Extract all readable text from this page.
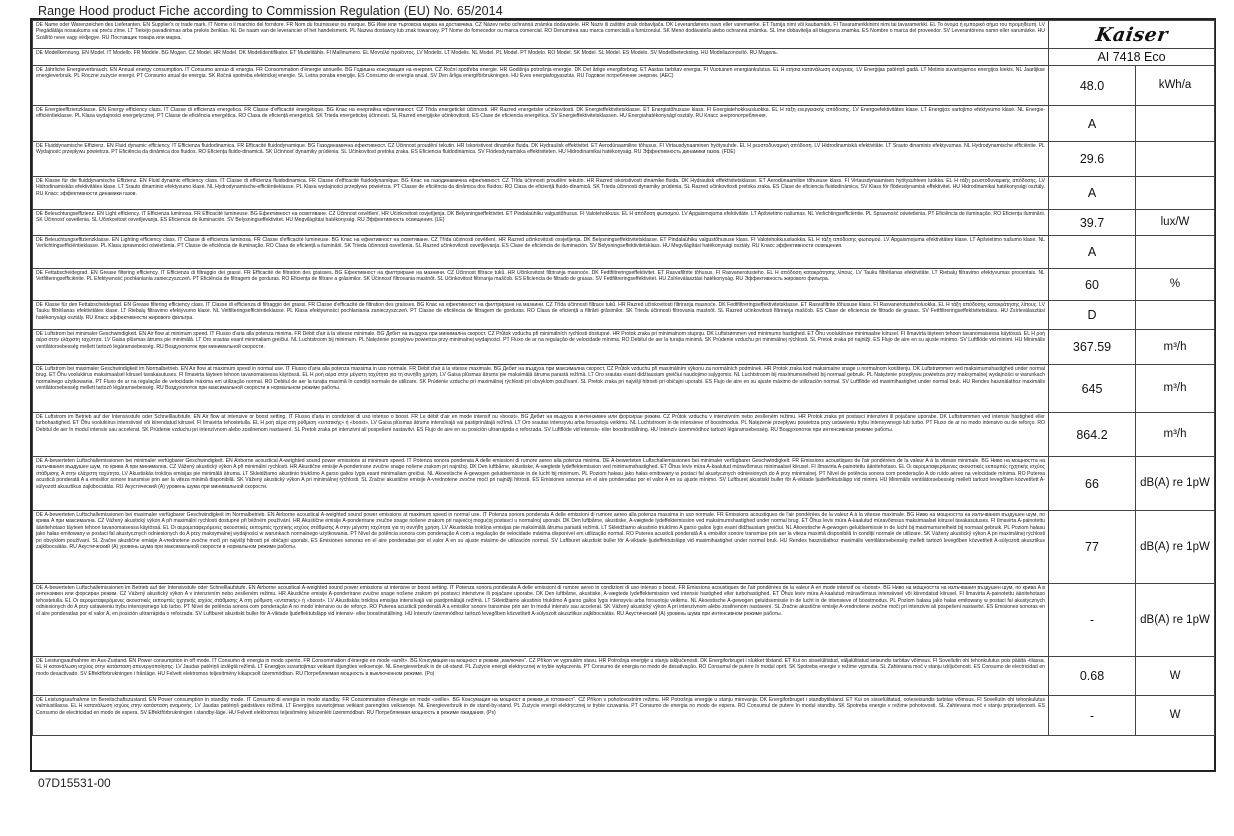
Range Hood product Fiche according to Commission Regulation (EU) No. 65/2014
DE Name oder Warenzeichen des Lieferanten. EN Supplier's or trade mark. IT Nome o il marchio del fornitore. FR Nom du fournisseur ou marque. BG Име или търговска марка на доставчика. CZ Název nebo ochranná známka dodavatele. HR Naziv ili zaštitni znak dobavljača. DK Leverandørens navn eller varemærke. ET Tarnija nimi või kaubamärk. FI Tavaramerkkinimi nimi tai tavaramerkki. EL Το όνομα ή εμπορικό σήμα του προμηθευτή. LV Piegādātāja nosaukums vai preču zīme. LT Tiekėjo pavadinimas arba prekės ženklas. NL De naam van de leverancier of het handelsmerk. PL Nazwa dostawcy lub znak towarowy. PT Nome do fornecedor ou marca comercial. RO Denumirea sau marca comercială a furnizorului. SK Meno dodávateľa alebo ochranná známka. SL Ime dobavitelja ali blagovna znamka. ES Nombre o marca del proveedor. SV Leverantörens namn eller varumärke. HU Szállító neve vagy védjegye. RU Поставщик товара или марка.	Kaiser	
DE Modellkennung. EN Model. IT Modello. FR Modèle. BG Модел. CZ Model. HR Model. DK Modelidentifikator. ET Mudelitähis. FI Mallinumero. EL Μοντέλο προϊόντος. LV Modelis. LT Modelis. NL Model. PL Model. PT Modelo. RO Model. SK Model. SL Model. ES Modelo. SV Modellbeteckning. HU Modellazonosító. RU Модель.	AI 7418 Eco	
DE Jährliche Energieverbrauch. EN Annual energy consumption. IT Consumo annuo di energia. FR Consommation d'énergie annuelle. BG Годишна консумация на енергия. CZ Roční spotřeba energie. HR Godišnja potrošnja energije. DK Det årlige energiforbrug. ET Aastas tarbitav energia. FI Vuotuinen energiankulutus. EL Η ετήσια κατανάλωση ενέργειας. LV Enerģijas patēriņš gadā. LT Metinis suvartojamos energijos kiekis. NL Jaarlijkse energieverbruik. PL Roczne zużycie energii. PT Consumo anual de energia. SK Ročná spotreba elektrickej energie. SL Letna poraba energije. ES Consumo de energía anual. SV Den årliga energiförbrukningen. HU Éves energiafogyasztás. RU Годовое потребление энергии. (AEC)	48.0	kWh/a
DE Energieeffizienzklasse. EN Energy efficiency class. IT Classe di efficienza energetica. FR Classe d'efficacité énergétique. BG Клас на енергийна ефективност. CZ Třída energetické účinnosti. HR Razred energetske učinkovitosti. DK Energieffektivitetsklasse. ET Energiatõhususe klass. FI Energiatehokkuusluokka. EL Η τάξη ενεργειακής απόδοσης. LV Energoefektivitātes klase. LT Energijos vartojimo efektyvumo klasė. NL Energie-efficiëntieklasse. PL Klasa wydajności energetycznej. PT Classe de eficiência energética. RO Clasa de eficiență energetică. SK Trieda energetickej účinnosti. SL Razred energijske učinkovitosti. ES Clase de eficiencia energética. SV Energieffektivitetsklassen. HU Energiahatékonysági osztály. RU Класс энергопотребления.	A	
DE Fluiddynamische Effizienz. EN Fluid dynamic efficiency. IT Efficienza fluidodinamica. FR Efficacité fluidodynamique. BG Газодинамична ефективност. CZ Účinnost proudění tekutin. HR Iskoristivost dinamike fluida. DK Hydraulisk effektivitet. ET Aerodünaamiline tõhusus. FI Virtausdynaaminen hyötysuhde. EL Η ρευστοδυναμική απόδοση. LV Hidrodinamiskā efektivitāte. LT Srauto dinaminis efektyvumas. NL Hydrodynamische efficiëntie. PL Wydajność przepływu powietrza. PT Eficiência da dinâmica dos fluidos. RO Eficiența fluido-dinamică. SK Účinnosť dynamiky prúdenia. SL Učinkovitost pretoka zraka. ES Eficiencia fluidodinámica. SV Flödesdynamiska effektiviteten. HU Hidrodinamikai hatékonyság. RU Эффективность динамики газов. (FDE)	29.6	
DE Klasse für die fluiddynamische Effizienz. EN Fluid dynamic efficiency class. IT Classe di efficienza fluidodinamica. FR Classe d'efficacité fluidodynamique. BG Клас на газодинамична ефективност. CZ Třída účinnosti proudění tekutin. HR Razred iskoristivosti dinamike fluida. DK Hydraulisk effektivitetsklasse. ET Aerodünaamilise tõhususe klass. FI Virtausdynaamisen hyötysuhteen luokka. EL Η τάξη ρευστοδυναμικής απόδοσης. LV Hidrodinamiskās efektivitātes klase. LT Srauto dinaminio efektyvumo klasė. NL Hydrodynamische-efficiëntieklasse. PL Klasa wydajności przepływu powietrza. PT Classe de eficiência da dinâmica dos fluidos. RO Clasa de eficiență fluido-dinamică. SK Trieda účinnosti dynamiky prúdenia. SL Razred učinkovitosti pretoka zraka. ES Clase de eficiencia fluidodinámica. SV Klass för flödesdynamisk effektivitet. HU Hidrodinamikai hatékonysági osztály. RU Класс эффективности динамики газов.	A	
DE Beleuchtungseffizienz. EN Light efficiency. IT Efficienza luminosa. FR Efficacité lumineuse. BG Ефективност на осветяване. CZ Účinnost osvětlení. HR Učinkovitost osvjetljenja. DK Belysningseffektivitet. ET Pindalaühiku valgustõhusus. FI Valotehokkuus. EL Η απόδοση φωτισμού. LV Apgaismojuma efektivitāte. LT Apšvietimo našumas. NL Verlichtingsefficiëntie. PL Sprawność oświetlenia. PT Eficiência de iluminação. RO Eficiența iluminării. SK Účinnosť osvetlenia. SL Učinkovitost osvetljevanja. ES Eficiencia de iluminación. SV Belysningseffektivitet. HU Megvilágítási hatékonyság. RU Эффективность освещения. (LE)	39.7	lux/W
DE Beleuchtungseffizienzklasse. EN Lighting efficiency class. IT Classe di efficienza luminosa. FR Classe d'efficacité lumineuse. BG Клас на ефективност на осветяване. CZ Třída účinnosti osvětlení. HR Razred učinkovitosti osvjetljenja. DK Belysningseffektivitetsklasse. ET Pindalaühiku valgustõhususe klass. FI Valotehokkuusluokka. EL Η τάξη απόδοσης φωτισμού. LV Apgaismojuma efektivitātes klase. LT Apšvietimo našumo klasė. NL Verlichtingsefficiëntieklasse. PL Klasa sprawności oświetlenia. PT Classe de eficiência de iluminação. RO Clasa de eficiență a iluminării. SK Trieda účinnosti osvetlenia. SL Razred učinkovitosti osvetljevanja. ES Clase de eficiencia de iluminación. SV Belysningseffektivitetsklass. HU Megvilágítási hatékonysági osztály. RU Класс эффективности освещения.	A	
DE Fettabscheidegrad. EN Grease filtering efficiency. IT Efficienza di filtraggio dei grassi. FR Efficacité de filtration des graisses. BG Ефективност на филтриране на мазнини. CZ Účinnost filtrace tuků. HR Učinkovitost filtriranja masnoće. DK Fedtfiltreringseffektivitet. ET Rasvafiltrite tõhusus. FI Rasvanerotusteho. EL Η απόδοση κατακράτησης λίπους. LV Tauku filtrēšanas efektivitāte. LT Riebalų filtravimo efektyvumas procentais. NL Vetfilteringsefficiëntie. PL Efektywność pochłaniania zanieczyszczeń. PT Eficiência de filtragem de gorduras. RO Eficiența de filtrare a grăsimilor. SK Účinnosť filtrovania mastnôt. SL Učinkovitost filtriranja maščob. ES Eficiencia de filtrado de grasas. SV Fettfiltreringseffektivitet. HU Zsírleválasztási hatékonyság. RU Эффективность жирового фильтра.	60	%
DE Klasse für den Fettabscheidegrad. EN Grease filtering efficiency class. IT Classe di efficienza di filtraggio dei grassi. FR Classe d'efficacité de filtration des graisses. BG Клас на ефективност на филтриране на мазнини. CZ Třída účinnosti filtrace tuků. HR Razred učinkovitosti filtriranja masnoće. DK Fedtfiltreringseffektivitetsklasse. ET Rasvafiltrite tõhususe klass. FI Rasvanerotusteholuokka. EL Η τάξη απόδοσης κατακράτησης λίπους. LV Tauku filtrēšanas efektivitātes klase. LT Riebalų filtravimo efektyvumo klasė. NL Vetfilteringsefficiëntieklasse. PL Klasa efektywności pochłaniania zanieczyszczeń. PT Classe de eficiência de filtragem de gorduras. RO Clasa de eficiență a filtrării grăsimilor. SK Trieda účinnosti filtrovania mastnôt. SL Razred učinkovitosti filtriranja maščob. ES Clase de eficiencia de filtrado de grasas. SV Fettfiltreringseffektivitetsklass. HU Zsírleválasztási hatékonysági osztály. RU Класс эффективности жирового фильтра.	D	
DE Luftstrom bei minimaler Geschwindigkeit. EN Air flow at minimum speed. IT Flusso d'aria alla potenza minima. FR Débit d'air à la vitesse minimale. BG Дебит на въздуха при минимална скорост. CZ Průtok vzduchu při minimálních rychlosti dostupné. HR Protok zraka pri minimalnom stupnju. DK Luftstrømmen ved minimums hastighed. ET Õhu voolukiiruse minimaalse kiirusel. FI Ilmavirta täyteen tehoon tavanomaisessa käytössä. EL Η ροή αέρα στην ελάχιστη ταχύτητα. LV Gaisa plūsmas ātrums pie minimālā. LT Oro srautas esant minimaliam greičiui. NL Luchtstroom bij minimum. PL Natężenie przepływu powietrza przy minimalnej wydajności. PT Fluxo de ar na regulação de velocidade mínima. RO Debitul de aer la turația minimă. SK Prúdenie vzduchu pri minimálnej rýchlosti. SL Pretok zraka pri najnižji. ES Flujo de aire en su ajuste mínimo. SV Luftflöde vid minimi. HU Minimális ventilátorsebesség mellett tartozó légáramsebesség. RU Воздухопоток при минимальной скорости.	367.59	m³/h
DE Luftstrom bei maximaler Geschwindigkeit im Normalbetrieb. EN Air flow at maximum speed in normal use. IT Flusso d'aria alla potenza massima in uso normale. FR Débit d'air à la vitesse maximale. BG Дебит на въздуха при максимална скорост. CZ Průtok vzduchu při maximálním výkonu za normálních podmínek. HR Protok zraka kod maksimalne snage u normalnom korištenju. DK Luftstrømmen ved maksimumshastighed under normal brug. ET Õhu voolukiirus maksimaalsel kiirusel tavakasutuses. FI Ilmavirta täyteen tehoon tavanomaisessa käytössä. EL Η ροή αέρα στην μέγιστη ταχύτητα για τη συνήθη χρήση. LV Gaisa plūsmas ātrums pie maksimālā ātruma parastā režīmā. LT Oro srautas esant didžiausiam greičiui naudojimo sąlygomis. NL Luchtstroom bij maximumsnelheid bij normaal gebruik. PL Natężenie przepływu powietrza przy maksymalnej wydajności w warunkach normalnego użytkowania. PT Fluxo de ar na regulação de velocidade máxima em utilização normal. RO Debitul de aer la turația maximă în condiții normale de utilizare. SK Prúdenie vzduchu pri maximálnej rýchlosti pri obvyklom používaní. SL Pretok zraka pri najvišji hitrosti pri običajni uporabi. ES Flujo de aire en su ajuste máximo de utilización normal. SV Luftflöde vid maximihastighet under normal bruk. HU Rendes használathoz maximális ventilátorsebesség mellett tartozó légáramsebesség. RU Воздухопоток при максимальной скорости в нормальном режиме работы.	645	m³/h
DE Luftstrom im Betrieb auf der Intensivstufe oder Schnelllaufstufe. EN Air flow at intensive or boost setting. IT Flusso d'aria in condizioni di uso intenso o boost. FR Le débit d'air en mode intensif ou «boost». BG Дебит на въздуха в интензивен или форсиран режим. CZ Průtok vzduchu v intenzivním nebo zesíleném režimu. HR Protok zraka pri postavci intenzivni ili pojačane uporabe. DK Luftstrømmen ved intensiv hastighed eller turbohastighed. ET Õhu voolukiirus intensiivsel või kiirendatud kiirusel. FI Ilmavirta tehostetulla. EL Η ροή αέρα στη ρύθμιση «εντατικής» ή «boost». LV Gaisa plūsmas ātrums intensīvajā vai pastiprinātajā režīmā. LT Oro srautas intensyviu arba forsuotoju veikimu. NL Luchtstroom in de intensieve of boostmodus. PL Natężenie przepływu powietrza przy ustawieniu trybu intensywnego lub turbo. PT Fluxo de ar no modo intensivo ou de reforço. RO Debitul de aer în modul intensiv sau accelerat. SK Prúdenie vzduchu pri intenzívnom alebo zosilnenom nastavení. SL Pretok zraka pri intenzivni ali pospešeni nastavitvi. ES Flujo de aire en su posición ultrarrápida o reforzada. SV Luftflöde vid intensiv- eller boostinställning. HU Intenzív üzemmódhoz tartozó légáramsebesség. RU Воздухопоток при интенсивном режиме работы.	864.2	m³/h
DE A-bewerteten Luftschallemissionen bei minimaler verfügbarer Geschwindigkeit. EN Airborne acoustical A-weighted sound power emissions at minimum speed. IT Potenza sonora ponderata A delle emissioni di rumore aereo alla potenza minima. DE A-bewerteten Luftschallemissionen bei minimaler verfügbarer Geschwindigkeit. FR Emissions acoustiques de l'air pondérées de la valeur A à la vitesse minimale. BG Ниво на мощността на излъчвания въздушен шум, по крива A при минимална. CZ Vážený akustický výkon A při minimální rychlosti. HR Akustične emisije A-ponderirane zvučne snage nošene zrakom pri najnižoj. DK Den luftbårne, akustiske, A-vægtede lydeffektemission ved minimumshastighed. ET Õhus leviv müra A-kaalutud müravõimsus minimaalsel kiirusel. FI Ilmavirta A-painotettu äänitehotaso. EL Οι αερομεταφερόμενες ακουστικές εκπομπές ηχητικής ισχύος στάθμισης A στην ελάχιστη ταχύτητα. LV Akustiskās trokšņa emisijas pie minimālā ātruma. LT Skleidžiamo akustinio triukšmo A garso galios lygis esant minimaliam greičiui. NL Akoestische A-gewogen geluidsemissie in de lucht bij minimum. PL Poziom hałasu jako hałas emitowany w postaci fal akustycznych odniesionych do A przy minimalnej. PT Nível de potência sonora com ponderação A do ruído aéreo na velocidade mínima. RO Puterea acustică ponderată A a emisiilor sonore transmise prin aer la viteza minimă disponibilă. SK Vážený akustický výkon A pri minimálnej rýchlosti. SL Zračne akustične emisije A-vrednotene zvočne moči pri najnižji hitrosti. ES Emisiones sonoras en el aire ponderadas por el valor A en su ajuste mínimo. SV Luftburet akustiskt buller för A-viktade ljudeffektutsläpp vid minimi. HU Minimális ventilátorsebesség mellett tartozó levegőben közvetített A-súlyozott akusztikus zajkibocsátás. RU Акустический (A) уровень шума при минимальной скорости.	66	dB(A) re 1pW
DE A-bewerteten Luftschallemissionen bei maximaler verfügbarer Geschwindigkeit im Normalbetrieb. EN Airborne acoustical A-weighted sound power emissions at maximum speed in normal use. IT Potenza sonora ponderata A delle emissioni di rumore aereo alla potenza massima in uso normale. FR Emissions acoustiques de l'air pondérées de la valeur A à la vitesse maximale. BG Ниво на мощността на излъчвания въздушен шум, по крива A при максимална. CZ Vážený akustický výkon A při maximální rychlosti dostupné při běžném používání. HR Akustične emisije A-ponderirane zvučne snage nošene zrakom pri najvećoj mogućoj postavci u normalnoj uporabi. DK Den luftbårne, akustiske, A-vægtede lydeffektemission ved maksimumshastighed under normal brug. ET Õhus leviv müra A-kaalutud müravõimsus maksimaalsel kiirusel tavakasutuses. FI Ilmavirta A-painotettu äänitehotaso täyteen tehoon tavanomaisessa käytössä. EL Οι αερομεταφερόμενες ακουστικές εκπομπές ηχητικής ισχύος στάθμισης A στην μέγιστη ταχύτητα για τη συνήθη χρήση. LV Akustiskās trokšņa emisijas pie maksimālā ātruma parastā režīmā. LT Skleidžiamo akustinio triukšmo A garso galios lygis esant didžiausiam greičiui. NL Akoestische A-gewogen geluidsemissie in de lucht bij maximumsnelheid bij normaal gebruik. PL Poziom hałasu jako hałas emitowany w postaci fal akustycznych odniesionych do A przy maksymalnej wydajności w warunkach normalnego użytkowania. PT Nível de potência sonora com ponderação A com a regulação de velocidade máxima disponível em utilização normal. RO Puterea acustică ponderată A a emisiilor sonore transmise prin aer la viteza maximă disponibilă în condiții normale de utilizare. SK Vážený akustický výkon A pri maximálnej rýchlosti pri obvyklom používaní. SL Zračne akustične emisije A-vrednotene zvočne moči pri najvišji hitrosti pri običajni uporabi. ES Emisiones sonoras en el aire ponderadas por el valor A en su ajuste máximo de utilización normal. SV Luftburet akustiskt buller för A-viktade ljudeffektutsläpp vid maximihastighet under normal bruk. HU Rendes használathoz maximális ventilátorsebesség mellett tartozó levegőben közvetített A-súlyozott akusztikus zajkibocsátás. RU Акустический (A) уровень шума при максимальной скорости в нормальном режиме работы.	77	dB(A) re 1pW
DE A-bewerteten Luftschallemissionen im Betrieb auf der Intensivstufe oder Schnelllaufstufe. EN Airborne acoustical A-weighted sound power emissions at intensive or boost setting. IT Potenza sonora ponderata A delle emissioni di rumore aereo in condizioni di uso intenso o boost. FR Emissions acoustiques de l'air pondérées de la valeur A en mode intensif ou «boost». BG Ниво на мощността на излъчвания въздушен шум, по крива A в интензивен или форсиран режим. CZ Vážený akustický výkon A v intenzivním nebo zesíleném režimu. HR Akustične emisije A-ponderirane zvučne snage nošene zrakom pri postavci intenzivne ili pojačane uporabe. DK Den luftbårne, akustiske, A-vægtede lydeffektemission ved intensiv hastighed eller turbohastighed. ET Õhus leviv müra A-kaalutud müravõimsus intensiivsel või kiirendatud kiirusel. FI Ilmavirta A-painotettu äänitehotaso tehostetulla. EL Οι αερομεταφερόμενες ακουστικές εκπομπές ηχητικής ισχύος στάθμισης A στη ρύθμιση «εντατικής» ή «boost». LV Akustiskās trokšņa emisijas intensīvajā vai pastiprinātajā režīmā. LT Skleidžiamo akustinio triukšmo A garso galios lygis intensyviu arba forsuotoju veikimu. NL Akoestische A-gewogen geluidsemissie in de lucht in de intensieve of boostmodus. PL Poziom hałasu jako hałas emitowany w postaci fal akustycznych odniesionych do A przy ustawieniu trybu intensywnego lub turbo. PT Nível de potência sonora com ponderação A no modo intensivo ou de reforço. RO Puterea acustică ponderată A a emisiilor sonore transmise prin aer în modul intensiv sau accelerat. SK Vážený akustický výkon A pri intenzívnom alebo zosilnenom nastavení. SL Zračne akustične emisije A-vrednotene zvočne moči pri intenzivni ali pospešeni nastavitvi. ES Emisiones sonoras en el aire ponderadas por el valor A, en posición ultrarrápida o reforzada. SV Luftburet akustiskt buller för A-viktade ljudeffektutsläpp vid intensiv- eller boostinställning. HU Intenzív üzemmódhoz tartozó levegőben közvetített A-súlyozott akusztikus zajkibocsátás. RU Акустический (A) уровень шума при интенсивном режиме работы.	-	dB(A) re 1pW
DE Leistungsaufnahme im Aus-Zustand. EN Power consumption in off mode. IT Consumo di energia in modo spento. FR Consommation d'énergie en mode «arrêt». BG Консумация на мощност в режим „изключен“. CZ Příkon ve vypnutém stavu. HR Potrošnja energije u stanju isključenosti. DK Energiforbruget i slukket tilstand. ET Kui on sisselülitatud, väljalülitatud seisundis tarbitav võimsus. FI Sovellutin ohi tehonkulutus pois päältä -tilassa. EL Η κατανάλωση ισχύος στην κατάσταση απενεργοποίησης. LV Jaudas patēriņš izslēgtā režīmā. LT Energijos suvartojimas veikiant išjungties veiksenoje. NL Energieverbruik in de uit-stand. PL Zużycie energii elektrycznej w trybie wyłączenia. PT Consumo de energia no modo de desativação. RO Consumul de putere în modul oprit. SK Spotreba energie v režime vypnutia. SL Zahtevana moč v stanju izključenosti. ES Consumo de electricidad en modo desactivado. SV Effektförbrukningen i frånläge. HU Felvett elektromos teljesítmény kikapcsolt üzemmódban. RU Потребляемая мощность в выключенном режиме. (Po)	0.68	W
DE Leistungsaufnahme im Bereitschaftszustand. EN Power consumption in standby mode. IT Consumo di energia in modo standby. FR Consommation d'énergie en mode «veille». BG Консумация на мощност в режим „в готовност“. CZ Příkon v pohotovostním režimu. HR Potrošnja energije u stanju mirovanja. DK Energiforbruget i standbytilstand. ET Kui on sisselülitatud, ooteseisundis tarbitav võimsus. FI Sovellutin ohi tehonkulutus valmiustilassa. EL Η κατανάλωση ισχύος στην κατάσταση αναμονής. LV Jaudas patēriņš gaidstāves režīmā. LT Energijos suvartojimas veikiant parengties veiksenoje. NL Energieverbruik in de stand-by-stand. PL Zużycie energii elektrycznej w trybie czuwania. PT Consumo de energia no modo de espera. RO Consumul de putere în modul standby. SK Spotreba energie v režime pohotovosti. SL Zahtevana moč v stanju pripravljenosti. ES Consumo de electricidad en modo de espera. SV Effektförbrukningen i standby-läge. HU Felvett elektromos teljesítmény készenléti üzemmódban. RU Потребляемая мощность в режиме ожидания. (Ps)	-	W
07D15531-00
